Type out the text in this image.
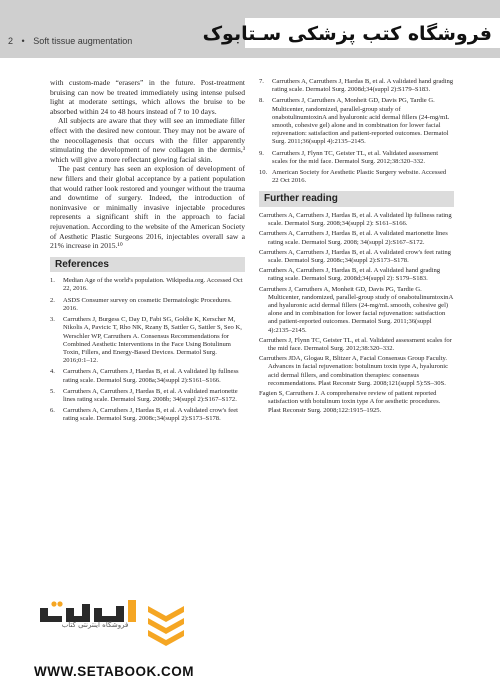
2 • Soft tissue augmentation	فروشگاه کتب پزشکی سـتابوک

with custom-made “erasers” in the future. Post-treatment bruising can now be treated immediately using intense pulsed light at moderate settings, which allows the bruise to be absorbed within 24 to 48 hours instead of 7 to 10 days.

All subjects are aware that they will see an immediate filler effect with the desired new contour. They may not be aware of the neocollagenesis that occurs with the filler apparently stimulating the development of new collagen in the dermis,³ which will give a more reflectant glowing facial skin.

The past century has seen an explosion of development of new fillers and their global acceptance by a patient population that would rather look restored and younger without the trauma and downtime of surgery. Indeed, the introduction of noninvasive or minimally invasive injectable procedures represents a significant shift in the approach to facial rejuvenation. According to the website of the American Society of Aesthetic Plastic Surgeons 2016, injectables overall saw a 21% increase in 2015.¹⁰

References
1. Median Age of the world's population. Wikipedia.org. Accessed Oct 22, 2016.
2. ASDS Consumer survey on cosmetic Dermatologic Procedures. 2016.
3. Carruthers J, Burgess C, Day D, Fabi SG, Goldie K, Kerscher M, Nikolis A, Pavicic T, Rho NK, Rzany B, Sattler G, Sattler S, Seo K, Werschler WP, Carruthers A. Consensus Recommendations for Combined Aesthetic Interventions in the Face Using Botulinum Toxin, Fillers, and Energy-Based Devices. Dermatol Surg. 2016;0:1–12.
4. Carruthers A, Carruthers J, Hardas B, et al. A validated lip fullness rating scale. Dermatol Surg. 2008a;34(suppl 2):S161–S166.
5. Carruthers A, Carruthers J, Hardas B, et al. A validated marionette lines rating scale. Dermatol Surg. 2008b; 34(suppl 2):S167–S172.
6. Carruthers A, Carruthers J, Hardas B, et al. A validated crow's feet rating scale. Dermatol Surg. 2008c;34(suppl 2):S173–S178.
7. Carruthers A, Carruthers J, Hardas B, et al. A validated hand grading rating scale. Dermatol Surg. 2008d;34(suppl 2):S179–S183.
8. Carruthers J, Carruthers A, Monheit GD, Davis PG, Tardie G. Multicenter, randomized, parallel-group study of onabotulinumtoxinA and hyaluronic acid dermal fillers (24-mg/mL smooth, cohesive gel) alone and in combination for lower facial rejuvenation: satisfaction and patient-reported outcomes. Dermatol Surg. 2011;36(suppl 4):2135–2145.
9. Carruthers J, Flynn TC, Geister TL, et al. Validated assessment scales for the mid face. Dermatol Surg. 2012;38:320–332.
10. American Society for Aesthetic Plastic Surgery website. Accessed 22 Oct 2016.
Further reading
Carruthers A, Carruthers J, Hardas B, et al. A validated lip fullness rating scale. Dermatol Surg. 2008;34(suppl 2): S161–S166.
Carruthers A, Carruthers J, Hardas B, et al. A validated marionette lines rating scale. Dermatol Surg. 2008; 34(suppl 2):S167–S172.
Carruthers A, Carruthers J, Hardas B, et al. A validated crow's feet rating scale. Dermatol Surg. 2008c;34(suppl 2):S173–S178.
Carruthers A, Carruthers J, Hardas B, et al. A validated hand grading rating scale. Dermatol Surg. 2008d;34(suppl 2): S179–S183.
Carruthers J, Carruthers A, Monheit GD, Davis PG, Tardie G. Multicenter, randomized, parallel-group study of onabotulinumtoxinA and hyaluronic acid dermal fillers (24-mg/mL smooth, cohesive gel) alone and in combination for lower facial rejuvenation: satisfaction and patient-reported outcomes. Dermatol Surg. 2011;36(suppl 4):2135–2145.
Carruthers J, Flynn TC, Geister TL, et al. Validated assessment scales for the mid face. Dermatol Surg. 2012;38:320–332.
Carruthers JDA, Glogau R, Blitzer A, Facial Consensus Group Faculty. Advances in facial rejuvenation: botulinum toxin type A, hyaluronic acid dermal fillers, and combination therapies: consensus recommendations. Plast Reconstr Surg. 2008;121(suppl 5):5S–30S.
Fagien S, Carruthers J. A comprehensive review of patient reported satisfaction with botulinum toxin type A for aesthetic procedures. Plast Reconstr Surg. 2008;122:1915–1925.
فروشگاه اینترنتی کتاب
WWW.SETABOOK.COM
